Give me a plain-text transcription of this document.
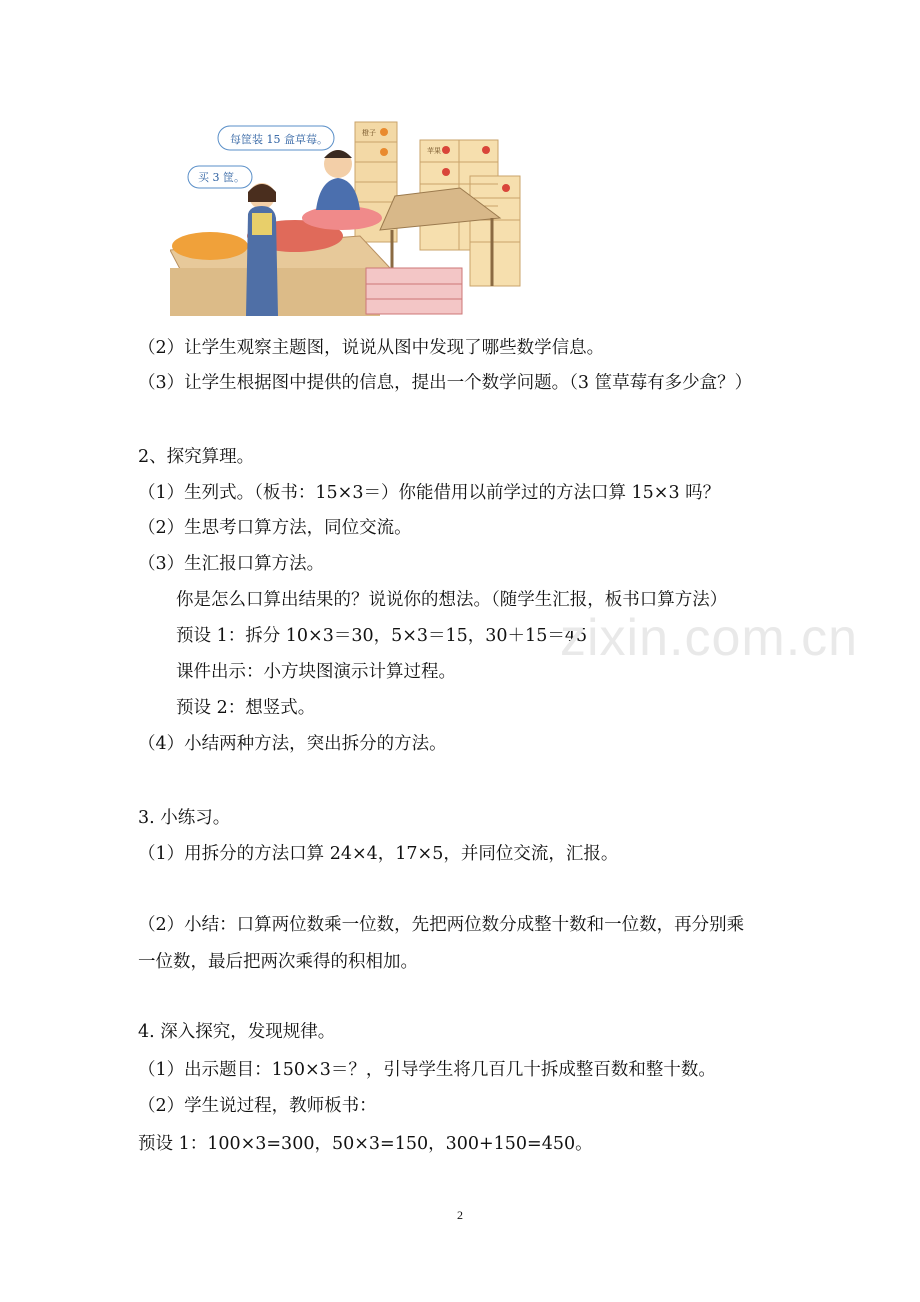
橙子
苹果
每筐装 15 盒草莓。
买 3 筐。
（2）让学生观察主题图，说说从图中发现了哪些数学信息。
（3）让学生根据图中提供的信息，提出一个数学问题。（3 筐草莓有多少盒？）
2、探究算理。
（1）生列式。（板书：15×3＝）你能借用以前学过的方法口算 15×3 吗？
（2）生思考口算方法，同位交流。
（3）生汇报口算方法。
你是怎么口算出结果的？说说你的想法。（随学生汇报，板书口算方法）
预设 1：拆分 10×3＝30，5×3＝15，30＋15＝45
课件出示：小方块图演示计算过程。
预设 2：想竖式。
（4）小结两种方法，突出拆分的方法。
3. 小练习。
（1）用拆分的方法口算 24×4，17×5，并同位交流，汇报。
（2）小结：口算两位数乘一位数，先把两位数分成整十数和一位数，再分别乘
一位数，最后把两次乘得的积相加。
4. 深入探究，发现规律。
（1）出示题目：150×3＝？，引导学生将几百几十拆成整百数和整十数。
（2）学生说过程，教师板书：
预设 1：100×3=300，50×3=150，300+150=450。
zixin.com.cn
2
